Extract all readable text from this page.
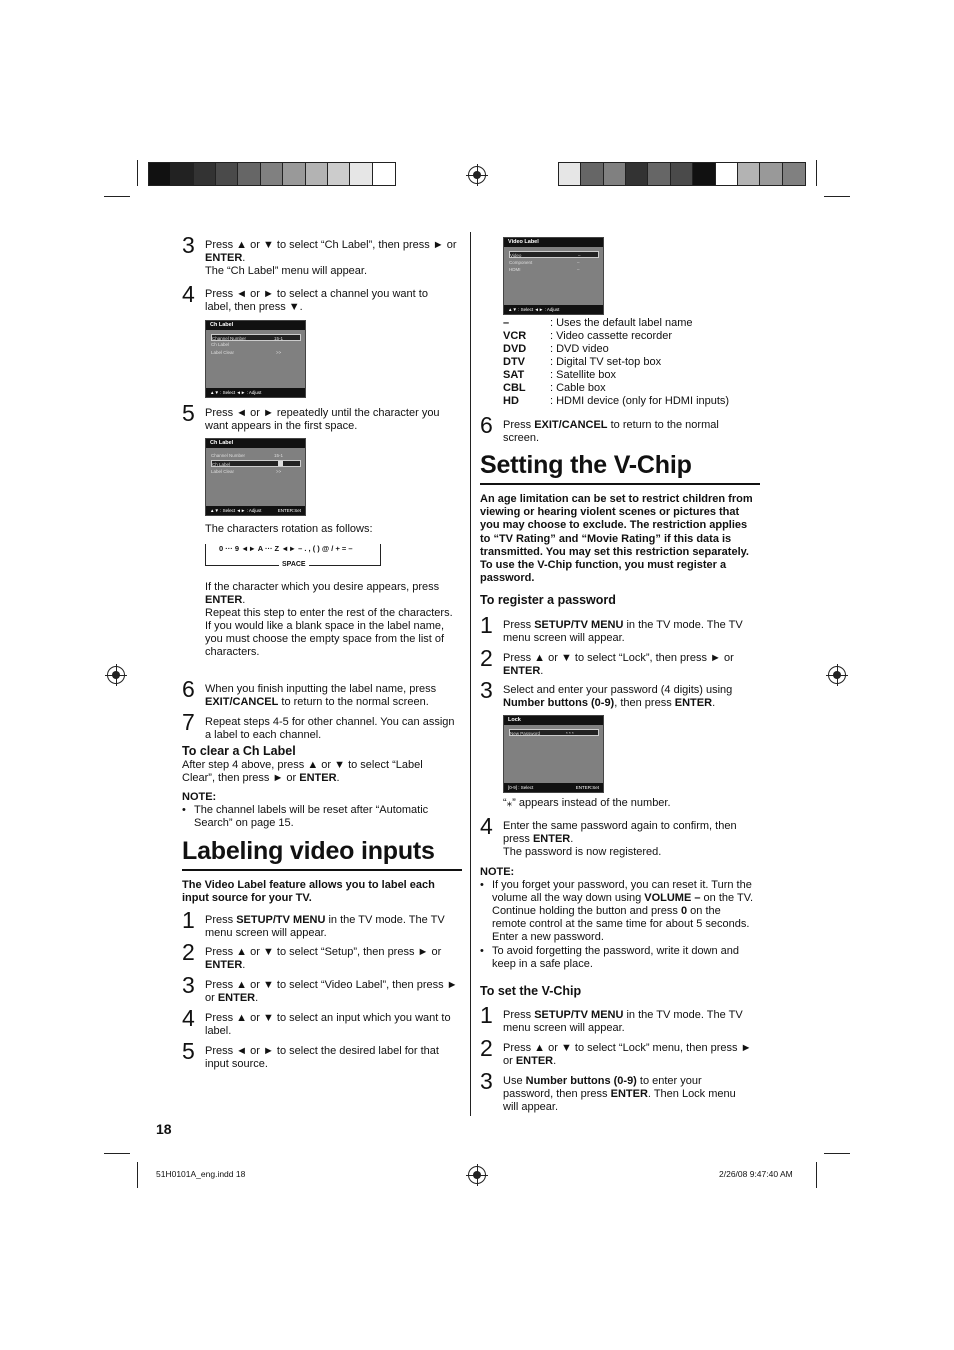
3 Press ▲ or ▼ to select “Ch Label”, then press ► or ENTER.
The “Ch Label” menu will appear.
4 Press ◄ or ► to select a channel you want to label, then press ▼.
Ch Label
Channel Number	15-1
Ch Label
Label Clear	>>
▲▼ : Select ◄► : Adjust
5 Press ◄ or ► repeatedly until the character you want appears in the first space.
Ch Label
Channel Number	15-1
Ch Label
Label Clear	>>
▲▼ : Select ◄► : Adjust	ENTER:Set
The characters rotation as follows:
0 ··· 9 ◄► A ··· Z ◄► – . , ( ) @ / + = –
SPACE
If the character which you desire appears, press ENTER.
Repeat this step to enter the rest of the characters.
If you would like a blank space in the label name, you must choose the empty space from the list of characters.
6 When you finish inputting the label name, press EXIT/CANCEL to return to the normal screen.
7 Repeat steps 4-5 for other channel. You can assign a label to each channel.
To clear a Ch Label
After step 4 above, press ▲ or ▼ to select “Label Clear”, then press ► or ENTER.
NOTE:
• The channel labels will be reset after “Automatic Search” on page 15.
Labeling video inputs
The Video Label feature allows you to label each input source for your TV.
1 Press SETUP/TV MENU in the TV mode. The TV menu screen will appear.
2 Press ▲ or ▼ to select “Setup”, then press ► or ENTER.
3 Press ▲ or ▼ to select “Video Label”, then press ► or ENTER.
4 Press ▲ or ▼ to select an input which you want to label.
5 Press ◄ or ► to select the desired label for that input source.
18
Video Label
Video	–
Component	–
HDMI	–
▲▼ : Select ◄► : Adjust
–	: Uses the default label name
VCR : Video cassette recorder
DVD : DVD video
DTV : Digital TV set-top box
SAT : Satellite box
CBL : Cable box
HD	: HDMI device (only for HDMI inputs)
6 Press EXIT/CANCEL to return to the normal screen.
Setting the V-Chip
An age limitation can be set to restrict children from viewing or hearing violent scenes or pictures that you may choose to exclude. The restriction applies to “TV Rating” and “Movie Rating” if this data is transmitted. You may set this restriction separately. To use the V-Chip function, you must register a password.
To register a password
1 Press SETUP/TV MENU in the TV mode. The TV menu screen will appear.
2 Press ▲ or ▼ to select “Lock”, then press ► or ENTER.
3 Select and enter your password (4 digits) using Number buttons (0-9), then press ENTER.
Lock
New Password	* * * _
[0-9] : Select	ENTER:Set
“⁎” appears instead of the number.
4 Enter the same password again to confirm, then press ENTER.
The password is now registered.
NOTE:
• If you forget your password, you can reset it. Turn the volume all the way down using VOLUME – on the TV. Continue holding the button and press 0 on the remote control at the same time for about 5 seconds. Enter a new password.
• To avoid forgetting the password, write it down and keep in a safe place.
To set the V-Chip
1 Press SETUP/TV MENU in the TV mode. The TV menu screen will appear.
2 Press ▲ or ▼ to select “Lock” menu, then press ► or ENTER.
3 Use Number buttons (0-9) to enter your password, then press ENTER. Then Lock menu will appear.
51H0101A_eng.indd 18	2/26/08 9:47:40 AM
